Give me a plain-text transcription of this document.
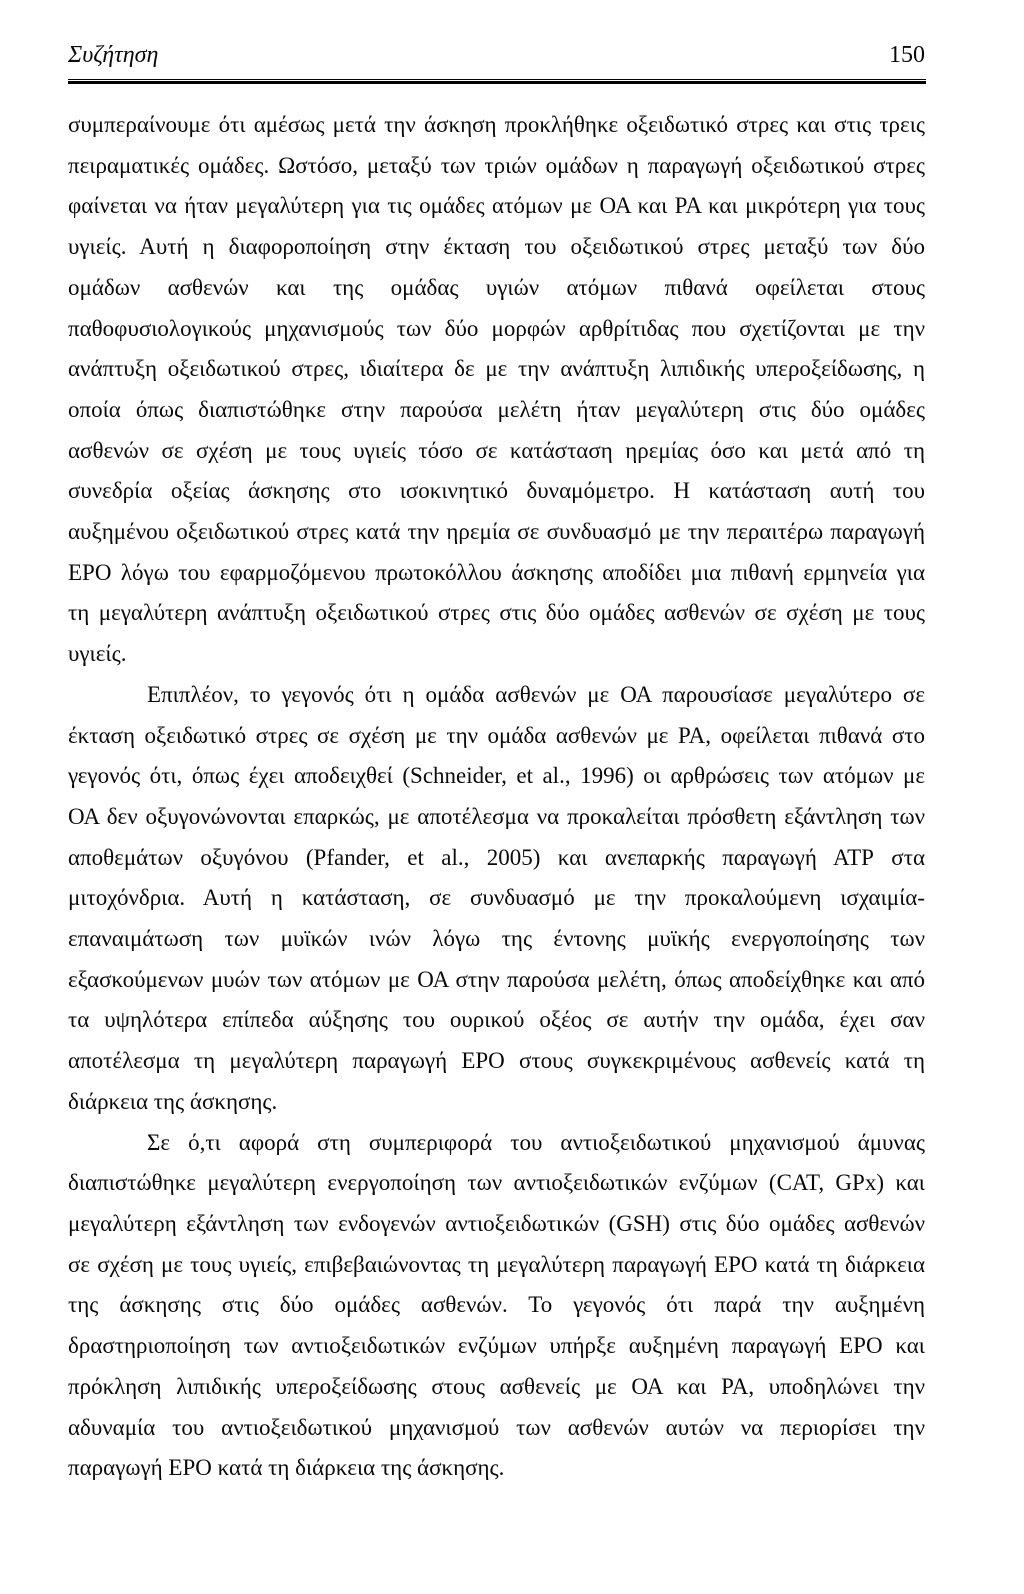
Συζήτηση	150
συμπεραίνουμε ότι αμέσως μετά την άσκηση προκλήθηκε οξειδωτικό στρες και στις τρεις
πειραματικές ομάδες. Ωστόσο, μεταξύ των τριών ομάδων η παραγωγή οξειδωτικού στρες
φαίνεται να ήταν μεγαλύτερη για τις ομάδες ατόμων με ΟΑ και ΡΑ και μικρότερη για τους
υγιείς. Αυτή η διαφοροποίηση στην έκταση του οξειδωτικού στρες μεταξύ των δύο
ομάδων ασθενών και της ομάδας υγιών ατόμων πιθανά οφείλεται στους
παθοφυσιολογικούς μηχανισμούς των δύο μορφών αρθρίτιδας που σχετίζονται με την
ανάπτυξη οξειδωτικού στρες, ιδιαίτερα δε με την ανάπτυξη λιπιδικής υπεροξείδωσης, η
οποία όπως διαπιστώθηκε στην παρούσα μελέτη ήταν μεγαλύτερη στις δύο ομάδες
ασθενών σε σχέση με τους υγιείς τόσο σε κατάσταση ηρεμίας όσο και μετά από τη
συνεδρία οξείας άσκησης στο ισοκινητικό δυναμόμετρο. Η κατάσταση αυτή του
αυξημένου οξειδωτικού στρες κατά την ηρεμία σε συνδυασμό με την περαιτέρω παραγωγή
ΕΡΟ λόγω του εφαρμοζόμενου πρωτοκόλλου άσκησης αποδίδει μια πιθανή ερμηνεία για
τη μεγαλύτερη ανάπτυξη οξειδωτικού στρες στις δύο ομάδες ασθενών σε σχέση με τους
υγιείς.
Επιπλέον, το γεγονός ότι η ομάδα ασθενών με ΟΑ παρουσίασε μεγαλύτερο σε
έκταση οξειδωτικό στρες σε σχέση με την ομάδα ασθενών με ΡΑ, οφείλεται πιθανά στο
γεγονός ότι, όπως έχει αποδειχθεί (Schneider, et al., 1996) οι αρθρώσεις των ατόμων με
ΟΑ δεν οξυγονώνονται επαρκώς, με αποτέλεσμα να προκαλείται πρόσθετη εξάντληση των
αποθεμάτων οξυγόνου (Pfander, et al., 2005) και ανεπαρκής παραγωγή ΑΤΡ στα
μιτοχόνδρια. Αυτή η κατάσταση, σε συνδυασμό με την προκαλούμενη ισχαιμία-
επαναιμάτωση των μυϊκών ινών λόγω της έντονης μυϊκής ενεργοποίησης των
εξασκούμενων μυών των ατόμων με ΟΑ στην παρούσα μελέτη, όπως αποδείχθηκε και από
τα υψηλότερα επίπεδα αύξησης του ουρικού οξέος σε αυτήν την ομάδα, έχει σαν
αποτέλεσμα τη μεγαλύτερη παραγωγή ΕΡΟ στους συγκεκριμένους ασθενείς κατά τη
διάρκεια της άσκησης.
Σε ό,τι αφορά στη συμπεριφορά του αντιοξειδωτικού μηχανισμού άμυνας
διαπιστώθηκε μεγαλύτερη ενεργοποίηση των αντιοξειδωτικών ενζύμων (CAT, GPx) και
μεγαλύτερη εξάντληση των ενδογενών αντιοξειδωτικών (GSH) στις δύο ομάδες ασθενών
σε σχέση με τους υγιείς, επιβεβαιώνοντας τη μεγαλύτερη παραγωγή ΕΡΟ κατά τη διάρκεια
της άσκησης στις δύο ομάδες ασθενών. Το γεγονός ότι παρά την αυξημένη
δραστηριοποίηση των αντιοξειδωτικών ενζύμων υπήρξε αυξημένη παραγωγή ΕΡΟ και
πρόκληση λιπιδικής υπεροξείδωσης στους ασθενείς με ΟΑ και ΡΑ, υποδηλώνει την
αδυναμία του αντιοξειδωτικού μηχανισμού των ασθενών αυτών να περιορίσει την
παραγωγή ΕΡΟ κατά τη διάρκεια της άσκησης.
